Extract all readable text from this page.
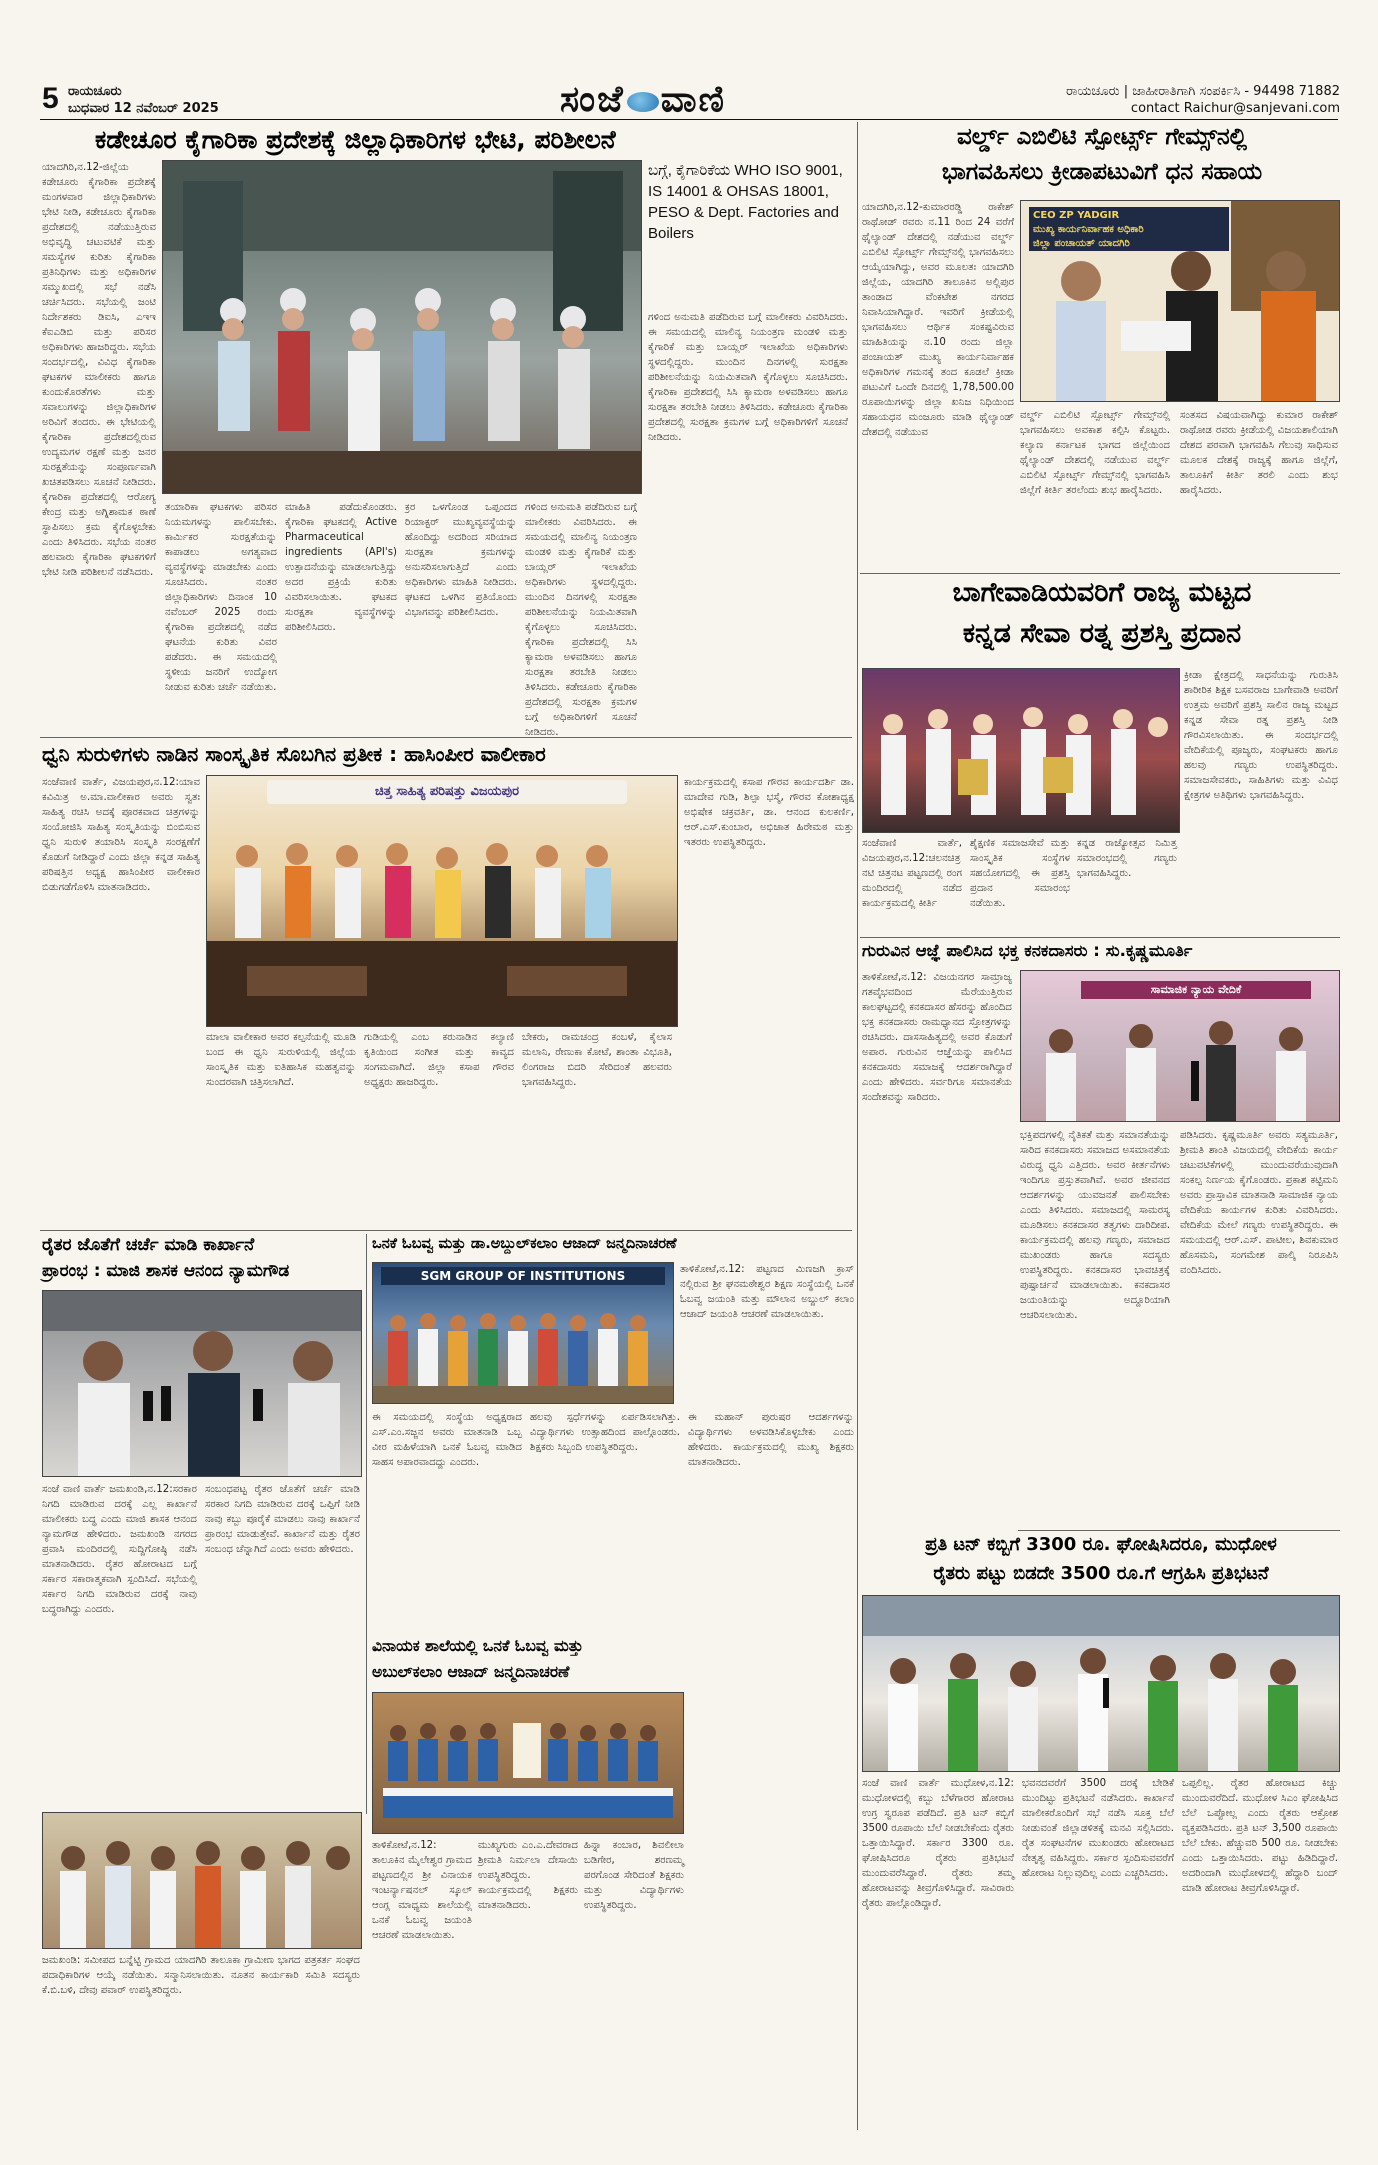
5 ರಾಯಚೂರು
ಬುಧವಾರ 12 ನವೆಂಬರ್ 2025	ಸಂಜೆ ವಾಣಿ	ರಾಯಚೂರು | ಜಾಹೀರಾತಿಗಾಗಿ ಸಂಪರ್ಕಿಸಿ - 94498 71882
contact Raichur@sanjevani.com
ಕಡೇಚೂರ ಕೈಗಾರಿಕಾ ಪ್ರದೇಶಕ್ಕೆ ಜಿಲ್ಲಾಧಿಕಾರಿಗಳ ಭೇಟಿ, ಪರಿಶೀಲನೆ
ಯಾದಗಿರಿ,ನ.12-ಜಿಲ್ಲೆಯ ಕಡೇಚೂರು ಕೈಗಾರಿಕಾ ಪ್ರದೇಶಕ್ಕೆ ಮಂಗಳವಾರ ಜಿಲ್ಲಾಧಿಕಾರಿಗಳು ಭೇಟಿ ನೀಡಿ, ಕಡೇಚೂರು ಕೈಗಾರಿಕಾ ಪ್ರದೇಶದಲ್ಲಿ ನಡೆಯುತ್ತಿರುವ ಅಭಿವೃದ್ಧಿ ಚಟುವಟಿಕೆ ಮತ್ತು ಸಮಸ್ಯೆಗಳ ಕುರಿತು ಕೈಗಾರಿಕಾ ಪ್ರತಿನಿಧಿಗಳು ಮತ್ತು ಅಧಿಕಾರಿಗಳ ಸಮ್ಮುಖದಲ್ಲಿ ಸಭೆ ನಡೆಸಿ ಚರ್ಚಿಸಿದರು. ಸಭೆಯಲ್ಲಿ ಜಂಟಿ ನಿರ್ದೇಶಕರು ಡಿಐಸಿ, ಎಇಇ ಕೆಐಎಡಿಬಿ ಮತ್ತು ಪರಿಸರ ಅಧಿಕಾರಿಗಳು ಹಾಜರಿದ್ದರು. ಸಭೆಯ ಸಂದರ್ಭದಲ್ಲಿ, ವಿವಿಧ ಕೈಗಾರಿಕಾ ಘಟಕಗಳ ಮಾಲೀಕರು ಹಾಗೂ ಕುಂದುಕೊರತೆಗಳು ಮತ್ತು ಸವಾಲುಗಳನ್ನು ಜಿಲ್ಲಾಧಿಕಾರಿಗಳ ಅರಿವಿಗೆ ತಂದರು. ಈ ಭೇಟಿಯಲ್ಲಿ ಕೈಗಾರಿಕಾ ಪ್ರದೇಶದಲ್ಲಿರುವ ಉದ್ಯಮಗಳ ರಕ್ಷಣೆ ಮತ್ತು ಜನರ ಸುರಕ್ಷತೆಯನ್ನು ಸಂಪೂರ್ಣವಾಗಿ ಖಚಿತಪಡಿಸಲು ಸೂಚನೆ ನೀಡಿದರು. ಕೈಗಾರಿಕಾ ಪ್ರದೇಶದಲ್ಲಿ ಆರೋಗ್ಯ ಕೇಂದ್ರ ಮತ್ತು ಅಗ್ನಿಶಾಮಕ ಠಾಣೆ ಸ್ಥಾಪಿಸಲು ಕ್ರಮ ಕೈಗೊಳ್ಳಬೇಕು ಎಂದು ತಿಳಿಸಿದರು. ಸಭೆಯ ನಂತರ ಹಲವಾರು ಕೈಗಾರಿಕಾ ಘಟಕಗಳಿಗೆ ಭೇಟಿ ನೀಡಿ ಪರಿಶೀಲನೆ ನಡೆಸಿದರು.
ತಯಾರಿಕಾ ಘಟಕಗಳು ಪರಿಸರ ನಿಯಮಗಳನ್ನು ಪಾಲಿಸಬೇಕು. ಕಾರ್ಮಿಕರ ಸುರಕ್ಷತೆಯನ್ನು ಕಾಪಾಡಲು ಅಗತ್ಯವಾದ ವ್ಯವಸ್ಥೆಗಳನ್ನು ಮಾಡಬೇಕು ಎಂದು ಸೂಚಿಸಿದರು. ನಂತರ ಜಿಲ್ಲಾಧಿಕಾರಿಗಳು ದಿನಾಂಕ 10 ನವೆಂಬರ್ 2025 ರಂದು ಕೈಗಾರಿಕಾ ಪ್ರದೇಶದಲ್ಲಿ ನಡೆದ ಘಟನೆಯ ಕುರಿತು ವಿವರ ಪಡೆದರು. ಈ ಸಮಯದಲ್ಲಿ ಸ್ಥಳೀಯ ಜನರಿಗೆ ಉದ್ಯೋಗ ನೀಡುವ ಕುರಿತು ಚರ್ಚೆ ನಡೆಯಿತು.
ಮಾಹಿತಿ ಪಡೆದುಕೊಂಡರು. ಕೈಗಾರಿಕಾ ಘಟಕದಲ್ಲಿ Active Pharmaceutical ingredients (API's) ಉತ್ಪಾದನೆಯನ್ನು ಮಾಡಲಾಗುತ್ತಿದ್ದು ಅದರ ಪ್ರಕ್ರಿಯೆ ಕುರಿತು ವಿವರಿಸಲಾಯಿತು. ಘಟಕದ ಸುರಕ್ಷತಾ ವ್ಯವಸ್ಥೆಗಳನ್ನು ಪರಿಶೀಲಿಸಿದರು.
ಕ್ರರ ಒಳಗೊಂಡ ಒಪ್ಪಂದದ ರಿಯಾಕ್ಟರ್ ಮುಖ್ಯವ್ಯವಸ್ಥೆಯನ್ನು ಹೊಂದಿದ್ದು ಅದರಿಂದ ಸರಿಯಾದ ಸುರಕ್ಷತಾ ಕ್ರಮಗಳನ್ನು ಅನುಸರಿಸಲಾಗುತ್ತಿದೆ ಎಂದು ಅಧಿಕಾರಿಗಳು ಮಾಹಿತಿ ನೀಡಿದರು. ಘಟಕದ ಒಳಗಿನ ಪ್ರತಿಯೊಂದು ವಿಭಾಗವನ್ನು ಪರಿಶೀಲಿಸಿದರು.
ಗಳಿಂದ ಅನುಮತಿ ಪಡೆದಿರುವ ಬಗ್ಗೆ ಮಾಲೀಕರು ವಿವರಿಸಿದರು. ಈ ಸಮಯದಲ್ಲಿ ಮಾಲಿನ್ಯ ನಿಯಂತ್ರಣ ಮಂಡಳಿ ಮತ್ತು ಕೈಗಾರಿಕೆ ಮತ್ತು ಬಾಯ್ಲರ್ ಇಲಾಖೆಯ ಅಧಿಕಾರಿಗಳು ಸ್ಥಳದಲ್ಲಿದ್ದರು. ಮುಂದಿನ ದಿನಗಳಲ್ಲಿ ಸುರಕ್ಷತಾ ಪರಿಶೀಲನೆಯನ್ನು ನಿಯಮಿತವಾಗಿ ಕೈಗೊಳ್ಳಲು ಸೂಚಿಸಿದರು. ಕೈಗಾರಿಕಾ ಪ್ರದೇಶದಲ್ಲಿ ಸಿಸಿ ಕ್ಯಾಮರಾ ಅಳವಡಿಸಲು ಹಾಗೂ ಸುರಕ್ಷತಾ ತರಬೇತಿ ನೀಡಲು ತಿಳಿಸಿದರು. ಕಡೇಚೂರು ಕೈಗಾರಿಕಾ ಪ್ರದೇಶದಲ್ಲಿ ಸುರಕ್ಷತಾ ಕ್ರಮಗಳ ಬಗ್ಗೆ ಅಧಿಕಾರಿಗಳಿಗೆ ಸೂಚನೆ ನೀಡಿದರು.
ಬಗ್ಗೆ, ಕೈಗಾರಿಕೆಯ WHO ISO 9001, IS 14001 & OHSAS 18001, PESO & Dept. Factories and Boilers
ಗಳಿಂದ ಅನುಮತಿ ಪಡೆದಿರುವ ಬಗ್ಗೆ ಮಾಲೀಕರು ವಿವರಿಸಿದರು. ಈ ಸಮಯದಲ್ಲಿ ಮಾಲಿನ್ಯ ನಿಯಂತ್ರಣ ಮಂಡಳಿ ಮತ್ತು ಕೈಗಾರಿಕೆ ಮತ್ತು ಬಾಯ್ಲರ್ ಇಲಾಖೆಯ ಅಧಿಕಾರಿಗಳು ಸ್ಥಳದಲ್ಲಿದ್ದರು. ಮುಂದಿನ ದಿನಗಳಲ್ಲಿ ಸುರಕ್ಷತಾ ಪರಿಶೀಲನೆಯನ್ನು ನಿಯಮಿತವಾಗಿ ಕೈಗೊಳ್ಳಲು ಸೂಚಿಸಿದರು. ಕೈಗಾರಿಕಾ ಪ್ರದೇಶದಲ್ಲಿ ಸಿಸಿ ಕ್ಯಾಮರಾ ಅಳವಡಿಸಲು ಹಾಗೂ ಸುರಕ್ಷತಾ ತರಬೇತಿ ನೀಡಲು ತಿಳಿಸಿದರು. ಕಡೇಚೂರು ಕೈಗಾರಿಕಾ ಪ್ರದೇಶದಲ್ಲಿ ಸುರಕ್ಷತಾ ಕ್ರಮಗಳ ಬಗ್ಗೆ ಅಧಿಕಾರಿಗಳಿಗೆ ಸೂಚನೆ ನೀಡಿದರು.
ವರ್ಲ್ಡ್ ಎಬಿಲಿಟಿ ಸ್ಪೋರ್ಟ್ಸ್ ಗೇಮ್ಸ್‌ನಲ್ಲಿ
ಭಾಗವಹಿಸಲು ಕ್ರೀಡಾಪಟುವಿಗೆ ಧನ ಸಹಾಯ
ಯಾದಗಿರಿ,ನ.12-ಕುಮಾರರಡ್ಡಿ ರಾಕೇಶ್ ರಾಥೋಡ್ ರವರು ನ.11 ರಿಂದ 24 ವರೆಗೆ ಥೈಲ್ಯಾಂಡ್ ದೇಶದಲ್ಲಿ ನಡೆಯುವ ವರ್ಲ್ಡ್ ಎಬಿಲಿಟಿ ಸ್ಪೋರ್ಟ್ಸ್ ಗೇಮ್ಸ್‌ನಲ್ಲಿ ಭಾಗವಹಿಸಲು ಆಯ್ಕೆಯಾಗಿದ್ದು, ಅವರ ಮೂಲತಃ ಯಾದಗಿರಿ ಜಿಲ್ಲೆಯ, ಯಾದಗಿರಿ ತಾಲೂಕಿನ ಅಲ್ಲಿಪುರ ತಾಂಡಾದ ವೆಂಕಟೇಶ ನಗರದ ನಿವಾಸಿಯಾಗಿದ್ದಾರೆ. ಇವರಿಗೆ ಕ್ರೀಡೆಯಲ್ಲಿ ಭಾಗವಹಿಸಲು ಆರ್ಥಿಕ ಸಂಕಷ್ಟವಿರುವ ಮಾಹಿತಿಯನ್ನು ನ.10 ರಂದು ಜಿಲ್ಲಾ ಪಂಚಾಯತ್ ಮುಖ್ಯ ಕಾರ್ಯನಿರ್ವಾಹಕ ಅಧಿಕಾರಿಗಳ ಗಮನಕ್ಕೆ ತಂದ ಕೂಡಲೆ ಕ್ರೀಡಾ ಪಟುವಿಗೆ ಒಂದೇ ದಿನದಲ್ಲಿ 1,78,500.00 ರೂಪಾಯಿಗಳನ್ನು ಜಿಲ್ಲಾ ಖನಿಜ ನಿಧಿಯಿಂದ ಸಹಾಯಧನ ಮಂಜೂರು ಮಾಡಿ ಥೈಲ್ಯಾಂಡ್ ದೇಶದಲ್ಲಿ ನಡೆಯುವ
CEO ZP YADGIR
ಮುಖ್ಯ ಕಾರ್ಯನಿರ್ವಾಹಕ ಅಧಿಕಾರಿ
ಜಿಲ್ಲಾ ಪಂಚಾಯತ್ ಯಾದಗಿರಿ
ವರ್ಲ್ಡ್ ಎಬಿಲಿಟಿ ಸ್ಪೋರ್ಟ್ಸ್ ಗೇಮ್ಸ್‌ನಲ್ಲಿ ಭಾಗವಹಿಸಲು ಅವಕಾಶ ಕಲ್ಪಿಸಿ ಕೊಟ್ಟರು. ಕಲ್ಯಾಣ ಕರ್ನಾಟಕ ಭಾಗದ ಜಿಲ್ಲೆಯಿಂದ ಥೈಲ್ಯಾಂಡ್ ದೇಶದಲ್ಲಿ ನಡೆಯುವ ವರ್ಲ್ಡ್ ಎಬಿಲಿಟಿ ಸ್ಪೋರ್ಟ್ಸ್ ಗೇಮ್ಸ್‌ನಲ್ಲಿ ಭಾಗವಹಿಸಿ ಜಿಲ್ಲೆಗೆ ಕೀರ್ತಿ ತರಲೆಂದು ಶುಭ ಹಾರೈಸಿದರು.
ಸಂತಸದ ವಿಷಯವಾಗಿದ್ದು ಕುಮಾರ ರಾಕೇಶ್ ರಾಥೋಡ ರವರು ಕ್ರೀಡೆಯಲ್ಲಿ ವಿಜಯಶಾಲಿಯಾಗಿ ದೇಶದ ಪರವಾಗಿ ಭಾಗವಹಿಸಿ ಗೆಲುವು ಸಾಧಿಸುವ ಮೂಲಕ ದೇಶಕ್ಕೆ ರಾಜ್ಯಕ್ಕೆ ಹಾಗೂ ಜಿಲ್ಲೆಗೆ, ತಾಲೂಕಿಗೆ ಕೀರ್ತಿ ತರಲಿ ಎಂದು ಶುಭ ಹಾರೈಸಿದರು.
ಬಾಗೇವಾಡಿಯವರಿಗೆ ರಾಜ್ಯ ಮಟ್ಟದ
ಕನ್ನಡ ಸೇವಾ ರತ್ನ ಪ್ರಶಸ್ತಿ ಪ್ರದಾನ
ಕ್ರೀಡಾ ಕ್ಷೇತ್ರದಲ್ಲಿ ಸಾಧನೆಯನ್ನು ಗುರುತಿಸಿ ಶಾರೀರಿಕ ಶಿಕ್ಷಕ ಬಸವರಾಜ ಬಾಗೇವಾಡಿ ಅವರಿಗೆ ಉತ್ತಮ ಅವರಿಗೆ ಪ್ರಶಸ್ತಿ ಸಾಲಿನ ರಾಜ್ಯ ಮಟ್ಟದ ಕನ್ನಡ ಸೇವಾ ರತ್ನ ಪ್ರಶಸ್ತಿ ನೀಡಿ ಗೌರವಿಸಲಾಯಿತು. ಈ ಸಂದರ್ಭದಲ್ಲಿ ವೇದಿಕೆಯಲ್ಲಿ ಪೂಜ್ಯರು, ಸಂಘಟಕರು ಹಾಗೂ ಹಲವು ಗಣ್ಯರು ಉಪಸ್ಥಿತರಿದ್ದರು. ಸಮಾಜಸೇವಕರು, ಸಾಹಿತಿಗಳು ಮತ್ತು ವಿವಿಧ ಕ್ಷೇತ್ರಗಳ ಅತಿಥಿಗಳು ಭಾಗವಹಿಸಿದ್ದರು.
ಸಂಜೆವಾಣಿ ವಾರ್ತೆ, ವಿಜಯಪುರ,ನ.12:ಚಲನಚಿತ್ರ ನಟಿ ಚಿತ್ರನಟ ಪಟ್ಟಣದಲ್ಲಿ ರಂಗ ಮಂದಿರದಲ್ಲಿ ನಡೆದ ಕಾರ್ಯಕ್ರಮದಲ್ಲಿ ಕೀರ್ತಿ
ಶೈಕ್ಷಣಿಕ ಸಮಾಜಸೇವೆ ಮತ್ತು ಸಾಂಸ್ಕೃತಿಕ ಸಂಸ್ಥೆಗಳ ಸಹಯೋಗದಲ್ಲಿ ಈ ಪ್ರಶಸ್ತಿ ಪ್ರದಾನ ಸಮಾರಂಭ ನಡೆಯಿತು.
ಕನ್ನಡ ರಾಜ್ಯೋತ್ಸವ ನಿಮಿತ್ತ ಸಮಾರಂಭದಲ್ಲಿ ಗಣ್ಯರು ಭಾಗವಹಿಸಿದ್ದರು.
ಧ್ವನಿ ಸುರುಳಿಗಳು ನಾಡಿನ ಸಾಂಸ್ಕೃತಿಕ ಸೊಬಗಿನ ಪ್ರತೀಕ : ಹಾಸಿಂಪೀರ ವಾಲೀಕಾರ
ಸಂಜೆವಾಣಿ ವಾರ್ತೆ, ವಿಜಯಪುರ,ನ.12:ಯಾವ ಕವಿಮಿತ್ರ ಅ.ಮಾ.ವಾಲೀಕಾರ ಅವರು ಸ್ವತಃ ಸಾಹಿತ್ಯ ರಚಿಸಿ ಅದಕ್ಕೆ ಪೂರಕವಾದ ಚಿತ್ರಗಳನ್ನು ಸಂಯೋಜಿಸಿ ಸಾಹಿತ್ಯ ಸಂಸ್ಕೃತಿಯನ್ನು ಬಿಂಬಿಸುವ ಧ್ವನಿ ಸುರುಳಿ ತಯಾರಿಸಿ ಸಂಸ್ಕೃತಿ ಸಂರಕ್ಷಣೆಗೆ ಕೊಡುಗೆ ನೀಡಿದ್ದಾರೆ ಎಂದು ಜಿಲ್ಲಾ ಕನ್ನಡ ಸಾಹಿತ್ಯ ಪರಿಷತ್ತಿನ ಅಧ್ಯಕ್ಷ ಹಾಸಿಂಪೀರ ವಾಲೀಕಾರ ಬಿಡುಗಡೆಗೊಳಿಸಿ ಮಾತನಾಡಿದರು.
ಚಿತ್ತ ಸಾಹಿತ್ಯ ಪರಿಷತ್ತು ವಿಜಯಪುರ
ಕಾರ್ಯಕ್ರಮದಲ್ಲಿ ಕಸಾಪ ಗೌರವ ಕಾರ್ಯದರ್ಶಿ ಡಾ. ಮಾದೇವ ಗುಡಿ, ಶಿಲ್ಪಾ ಭಸ್ಮೆ, ಗೌರವ ಕೋಶಾಧ್ಯಕ್ಷ ಅಭಿಷೇಕ ಚಕ್ರವರ್ತಿ, ಡಾ. ಆನಂದ ಕುಲಕರ್ಣಿ, ಆರ್.ಎಸ್.ಕುಂಬಾರ, ಅಭಿಜಾತ ಹಿರೇಮಠ ಮತ್ತು ಇತರರು ಉಪಸ್ಥಿತರಿದ್ದರು.
ಮಾಲಾ ವಾಲೀಕಾರ ಅವರ ಕಲ್ಪನೆಯಲ್ಲಿ ಮೂಡಿ ಬಂದ ಈ ಧ್ವನಿ ಸುರುಳಿಯಲ್ಲಿ ಜಿಲ್ಲೆಯ ಸಾಂಸ್ಕೃತಿಕ ಮತ್ತು ಐತಿಹಾಸಿಕ ಮಹತ್ವವನ್ನು ಸುಂದರವಾಗಿ ಚಿತ್ರಿಸಲಾಗಿದೆ.
ಗುಡಿಯಲ್ಲಿ ಎಂಬ ಕರುನಾಡಿನ ಕಲ್ಯಾಣಿ ಕೃತಿಯಿಂದ ಸಂಗೀತ ಮತ್ತು ಕಾವ್ಯದ ಸಂಗಮವಾಗಿದೆ. ಜಿಲ್ಲಾ ಕಸಾಪ ಗೌರವ ಅಧ್ಯಕ್ಷರು ಹಾಜರಿದ್ದರು.
ಬೇಕರು, ರಾಮಚಂದ್ರ ಕಂಬಳೆ, ಕೈಲಾಸ ಮಲಾನಿ, ರೇಣುಕಾ ಕೋಟೆ, ಶಾಂತಾ ವಿಭೂತಿ, ಲಿಂಗರಾಜ ಬಿದರಿ ಸೇರಿದಂತೆ ಹಲವರು ಭಾಗವಹಿಸಿದ್ದರು.
ರೈತರ ಜೊತೆಗೆ ಚರ್ಚೆ ಮಾಡಿ ಕಾರ್ಖಾನೆ
ಪ್ರಾರಂಭ : ಮಾಜಿ ಶಾಸಕ ಆನಂದ ನ್ಯಾಮಗೌಡ
ಸಂಜೆ ವಾಣಿ ವಾರ್ತೆ ಜಮಖಂಡಿ,ನ.12:ಸರಕಾರ ನಿಗದಿ ಮಾಡಿರುವ ದರಕ್ಕೆ ಎಲ್ಲ ಕಾರ್ಖಾನೆ ಮಾಲೀಕರು ಬದ್ಧ ಎಂದು ಮಾಜಿ ಶಾಸಕ ಆನಂದ ನ್ಯಾಮಗೌಡ ಹೇಳಿದರು. ಜಮಖಂಡಿ ನಗರದ ಪ್ರವಾಸಿ ಮಂದಿರದಲ್ಲಿ ಸುದ್ದಿಗೋಷ್ಠಿ ನಡೆಸಿ ಮಾತನಾಡಿದರು. ರೈತರ ಹೋರಾಟದ ಬಗ್ಗೆ ಸರ್ಕಾರ ಸಕಾರಾತ್ಮಕವಾಗಿ ಸ್ಪಂದಿಸಿದೆ. ಸಭೆಯಲ್ಲಿ ಸರ್ಕಾರ ನಿಗದಿ ಮಾಡಿರುವ ದರಕ್ಕೆ ನಾವು ಬದ್ಧರಾಗಿದ್ದು ಎಂದರು.
ಸಂಬಂಧಪಟ್ಟ ರೈತರ ಜೊತೆಗೆ ಚರ್ಚೆ ಮಾಡಿ ಸರಕಾರ ನಿಗದಿ ಮಾಡಿರುವ ದರಕ್ಕೆ ಒಪ್ಪಿಗೆ ನೀಡಿ ನಾವು ಕಬ್ಬು ಪೂರೈಕೆ ಮಾಡಲು ನಾವು ಕಾರ್ಖಾನೆ ಪ್ರಾರಂಭ ಮಾಡುತ್ತೇವೆ. ಕಾರ್ಖಾನೆ ಮತ್ತು ರೈತರ ಸಂಬಂಧ ಚೆನ್ನಾಗಿದೆ ಎಂದು ಅವರು ಹೇಳಿದರು.
ಜಮಖಂಡಿ: ಸಮೀಪದ ಬನ್ನೆಟ್ಟಿ ಗ್ರಾಮದ ಯಾದಗಿರಿ ತಾಲೂಕಾ ಗ್ರಾಮೀಣ ಭಾಗದ ಪತ್ರಕರ್ತ ಸಂಘದ ಪದಾಧಿಕಾರಿಗಳ ಆಯ್ಕೆ ನಡೆಯಿತು. ಸನ್ಮಾನಿಸಲಾಯಿತು. ನೂತನ ಕಾರ್ಯಕಾರಿ ಸಮಿತಿ ಸದಸ್ಯರು ಕೆ.ಬಿ.ಬಳಿ, ದೇವು ಪವಾರ್ ಉಪಸ್ಥಿತರಿದ್ದರು.
ಒನಕೆ ಓಬವ್ವ ಮತ್ತು ಡಾ.ಅಬ್ದುಲ್‌ಕಲಾಂ ಆಜಾದ್ ಜನ್ಮದಿನಾಚರಣೆ
SGM GROUP OF INSTITUTIONS	ತಾಳಿಕೋಟೆ,ನ.12: ಪಟ್ಟಣದ ಮಿಣಜಗಿ ಕ್ರಾಸ್ ನಲ್ಲಿರುವ ಶ್ರೀ ಘನಮಠೇಶ್ವರ ಶಿಕ್ಷಣ ಸಂಸ್ಥೆಯಲ್ಲಿ ಒನಕೆ ಓಬವ್ವ ಜಯಂತಿ ಮತ್ತು ಮೌಲಾನ ಅಬ್ದುಲ್ ಕಲಾಂ ಆಜಾದ್ ಜಯಂತಿ ಆಚರಣೆ ಮಾಡಲಾಯಿತು.
ಈ ಸಮಯದಲ್ಲಿ ಸಂಸ್ಥೆಯ ಅಧ್ಯಕ್ಷರಾದ ಎಸ್.ಎಂ.ಸಜ್ಜನ ಅವರು ಮಾತನಾಡಿ ಒಬ್ಬ ವೀರ ಮಹಿಳೆಯಾಗಿ ಒನಕೆ ಓಬವ್ವ ಮಾಡಿದ ಸಾಹಸ ಅಪಾರವಾದದ್ದು ಎಂದರು.
ಹಲವು ಸ್ಪರ್ಧೆಗಳನ್ನು ಏರ್ಪಡಿಸಲಾಗಿತ್ತು. ವಿದ್ಯಾರ್ಥಿಗಳು ಉತ್ಸಾಹದಿಂದ ಪಾಲ್ಗೊಂಡರು. ಶಿಕ್ಷಕರು ಸಿಬ್ಬಂದಿ ಉಪಸ್ಥಿತರಿದ್ದರು.
ಈ ಮಹಾನ್ ಪುರುಷರ ಆದರ್ಶಗಳನ್ನು ವಿದ್ಯಾರ್ಥಿಗಳು ಅಳವಡಿಸಿಕೊಳ್ಳಬೇಕು ಎಂದು ಹೇಳಿದರು. ಕಾರ್ಯಕ್ರಮದಲ್ಲಿ ಮುಖ್ಯ ಶಿಕ್ಷಕರು ಮಾತನಾಡಿದರು.
ವಿನಾಯಕ ಶಾಲೆಯಲ್ಲಿ ಒನಕೆ ಓಬವ್ವ ಮತ್ತು
ಅಬುಲ್‌ಕಲಾಂ ಆಜಾದ್ ಜನ್ಮದಿನಾಚರಣೆ
ತಾಳಿಕೋಟೆ,ನ.12: ತಾಲೂಕಿನ ಮೈಲೇಶ್ವರ ಗ್ರಾಮದ ಪಟ್ಟಣದಲ್ಲಿನ ಶ್ರೀ ವಿನಾಯಕ ಇಂಟರ್ನ್ಯಾಷನಲ್ ಸ್ಕೂಲ್ ಆಂಗ್ಲ ಮಾಧ್ಯಮ ಶಾಲೆಯಲ್ಲಿ ಒನಕೆ ಓಬವ್ವ ಜಯಂತಿ ಆಚರಣೆ ಮಾಡಲಾಯಿತು.
ಮುಖ್ಯಗುರು ಎಂ.ಎ.ದೇವರಾದ ಶ್ರೀಮತಿ ನಿರ್ಮಲಾ ದೇಸಾಯಿ ಉಪಸ್ಥಿತರಿದ್ದರು. ಕಾರ್ಯಕ್ರಮದಲ್ಲಿ ಶಿಕ್ಷಕರು ಮಾತನಾಡಿದರು.
ಹಿನ್ನಾ ಕಂಬಾರ, ಶಿವಲೀಲಾ ಬಡಿಗೇರ, ಶರಣಮ್ಮ ಪರಗೊಂಡ ಸೇರಿದಂತೆ ಶಿಕ್ಷಕರು ಮತ್ತು ವಿದ್ಯಾರ್ಥಿಗಳು ಉಪಸ್ಥಿತರಿದ್ದರು.
ಗುರುವಿನ ಆಜ್ಞೆ ಪಾಲಿಸಿದ ಭಕ್ತ ಕನಕದಾಸರು : ಸು.ಕೃಷ್ಣಮೂರ್ತಿ
ತಾಳಿಕೋಟೆ,ನ.12: ವಿಜಯನಗರ ಸಾಮ್ರಾಜ್ಯ ಗತವೈಭವದಿಂದ ಮೆರೆಯುತ್ತಿರುವ ಕಾಲಘಟ್ಟದಲ್ಲಿ ಕನಕದಾಸರ ಹೆಸರನ್ನು ಹೊಂದಿದ ಭಕ್ತ ಕನಕದಾಸರು ರಾಮಧ್ಯಾನದ ಸ್ತೋತ್ರಗಳನ್ನು ರಚಿಸಿದರು. ದಾಸಸಾಹಿತ್ಯದಲ್ಲಿ ಅವರ ಕೊಡುಗೆ ಅಪಾರ. ಗುರುವಿನ ಆಜ್ಞೆಯನ್ನು ಪಾಲಿಸಿದ ಕನಕದಾಸರು ಸಮಾಜಕ್ಕೆ ಆದರ್ಶರಾಗಿದ್ದಾರೆ ಎಂದು ಹೇಳಿದರು. ಸರ್ವರಿಗೂ ಸಮಾನತೆಯ ಸಂದೇಶವನ್ನು ಸಾರಿದರು.
ಸಾಮಾಜಿಕ ನ್ಯಾಯ ವೇದಿಕೆ
ಭಕ್ತಿಪದಗಳಲ್ಲಿ ನೈತಿಕತೆ ಮತ್ತು ಸಮಾನತೆಯನ್ನು ಸಾರಿದ ಕನಕದಾಸರು ಸಮಾಜದ ಅಸಮಾನತೆಯ ವಿರುದ್ಧ ಧ್ವನಿ ಎತ್ತಿದರು. ಅವರ ಕೀರ್ತನೆಗಳು ಇಂದಿಗೂ ಪ್ರಸ್ತುತವಾಗಿವೆ. ಅವರ ಜೀವನದ ಆದರ್ಶಗಳನ್ನು ಯುವಜನತೆ ಪಾಲಿಸಬೇಕು ಎಂದು ತಿಳಿಸಿದರು. ಸಮಾಜದಲ್ಲಿ ಸಾಮರಸ್ಯ ಮೂಡಿಸಲು ಕನಕದಾಸರ ತತ್ವಗಳು ದಾರಿದೀಪ. ಕಾರ್ಯಕ್ರಮದಲ್ಲಿ ಹಲವು ಗಣ್ಯರು, ಸಮಾಜದ ಮುಖಂಡರು ಹಾಗೂ ಸದಸ್ಯರು ಉಪಸ್ಥಿತರಿದ್ದರು. ಕನಕದಾಸರ ಭಾವಚಿತ್ರಕ್ಕೆ ಪುಷ್ಪಾರ್ಚನೆ ಮಾಡಲಾಯಿತು. ಕನಕದಾಸರ ಜಯಂತಿಯನ್ನು ಅದ್ದೂರಿಯಾಗಿ ಆಚರಿಸಲಾಯಿತು.
ಪಡಿಸಿದರು. ಕೃಷ್ಣಮೂರ್ತಿ ಅವರು ಸತ್ಯಮೂರ್ತಿ, ಶ್ರೀಮತಿ ಶಾಂತಿ ವಿಜಯದಲ್ಲಿ ವೇದಿಕೆಯ ಕಾರ್ಯ ಚಟುವಟಿಕೆಗಳಲ್ಲಿ ಮುಂದುವರೆಯುವುದಾಗಿ ಸಂಕಲ್ಪ ನಿರ್ಣಯ ಕೈಗೊಂಡರು. ಪ್ರಕಾಶ ಕಟ್ಟಿಮನಿ ಅವರು ಪ್ರಾಸ್ತಾವಿಕ ಮಾತನಾಡಿ ಸಾಮಾಜಿಕ ನ್ಯಾಯ ವೇದಿಕೆಯ ಕಾರ್ಯಗಳ ಕುರಿತು ವಿವರಿಸಿದರು. ವೇದಿಕೆಯ ಮೇಲೆ ಗಣ್ಯರು ಉಪಸ್ಥಿತರಿದ್ದರು. ಈ ಸಮಯದಲ್ಲಿ ಆರ್.ಎಸ್. ಪಾಟೀಲ, ಶಿವಕುಮಾರ ಹೊಸಮನಿ, ಸಂಗಮೇಶ ಪಾಲ್ಕಿ ನಿರೂಪಿಸಿ ವಂದಿಸಿದರು.
ಪ್ರತಿ ಟನ್ ಕಬ್ಬಿಗೆ 3300 ರೂ. ಘೋಷಿಸಿದರೂ, ಮುಧೋಳ
ರೈತರು ಪಟ್ಟು ಬಿಡದೇ 3500 ರೂ.ಗೆ ಆಗ್ರಹಿಸಿ ಪ್ರತಿಭಟನೆ
ಸಂಜೆ ವಾಣಿ ವಾರ್ತೆ ಮುಧೋಳ,ನ.12: ಮುಧೋಳದಲ್ಲಿ ಕಬ್ಬು ಬೆಳೆಗಾರರ ಹೋರಾಟ ಉಗ್ರ ಸ್ವರೂಪ ಪಡೆದಿದೆ. ಪ್ರತಿ ಟನ್ ಕಬ್ಬಿಗೆ 3500 ರೂಪಾಯಿ ಬೆಲೆ ನೀಡಬೇಕೆಂದು ರೈತರು ಒತ್ತಾಯಿಸಿದ್ದಾರೆ. ಸರ್ಕಾರ 3300 ರೂ. ಘೋಷಿಸಿದರೂ ರೈತರು ಪ್ರತಿಭಟನೆ ಮುಂದುವರೆಸಿದ್ದಾರೆ. ರೈತರು ತಮ್ಮ ಹೋರಾಟವನ್ನು ತೀವ್ರಗೊಳಿಸಿದ್ದಾರೆ. ಸಾವಿರಾರು ರೈತರು ಪಾಲ್ಗೊಂಡಿದ್ದಾರೆ.
ಭವನದವರೆಗೆ 3500 ದರಕ್ಕೆ ಬೇಡಿಕೆ ಮುಂದಿಟ್ಟು ಪ್ರತಿಭಟನೆ ನಡೆಸಿದರು. ಕಾರ್ಖಾನೆ ಮಾಲೀಕರೊಂದಿಗೆ ಸಭೆ ನಡೆಸಿ ಸೂಕ್ತ ಬೆಲೆ ನೀಡುವಂತೆ ಜಿಲ್ಲಾಡಳಿತಕ್ಕೆ ಮನವಿ ಸಲ್ಲಿಸಿದರು. ರೈತ ಸಂಘಟನೆಗಳ ಮುಖಂಡರು ಹೋರಾಟದ ನೇತೃತ್ವ ವಹಿಸಿದ್ದರು. ಸರ್ಕಾರ ಸ್ಪಂದಿಸುವವರೆಗೆ ಹೋರಾಟ ನಿಲ್ಲುವುದಿಲ್ಲ ಎಂದು ಎಚ್ಚರಿಸಿದರು.
ಒಪ್ಪಲಿಲ್ಲ. ರೈತರ ಹೋರಾಟದ ಕಿಚ್ಚು ಮುಂದುವರೆದಿದೆ. ಮುಧೋಳ ಸಿಎಂ ಘೋಷಿಸಿದ ಬೆಲೆ ಒಪ್ಪೋಲ್ಲ ಎಂದು ರೈತರು ಆಕ್ರೋಶ ವ್ಯಕ್ತಪಡಿಸಿದರು. ಪ್ರತಿ ಟನ್ 3,500 ರೂಪಾಯಿ ಬೆಲೆ ಬೇಕು. ಹೆಚ್ಚುವರಿ 500 ರೂ. ನೀಡಬೇಕು ಎಂದು ಒತ್ತಾಯಿಸಿದರು. ಪಟ್ಟು ಹಿಡಿದಿದ್ದಾರೆ. ಅದರಿಂದಾಗಿ ಮುಧೋಳದಲ್ಲಿ ಹೆದ್ದಾರಿ ಬಂದ್ ಮಾಡಿ ಹೋರಾಟ ತೀವ್ರಗೊಳಿಸಿದ್ದಾರೆ.
